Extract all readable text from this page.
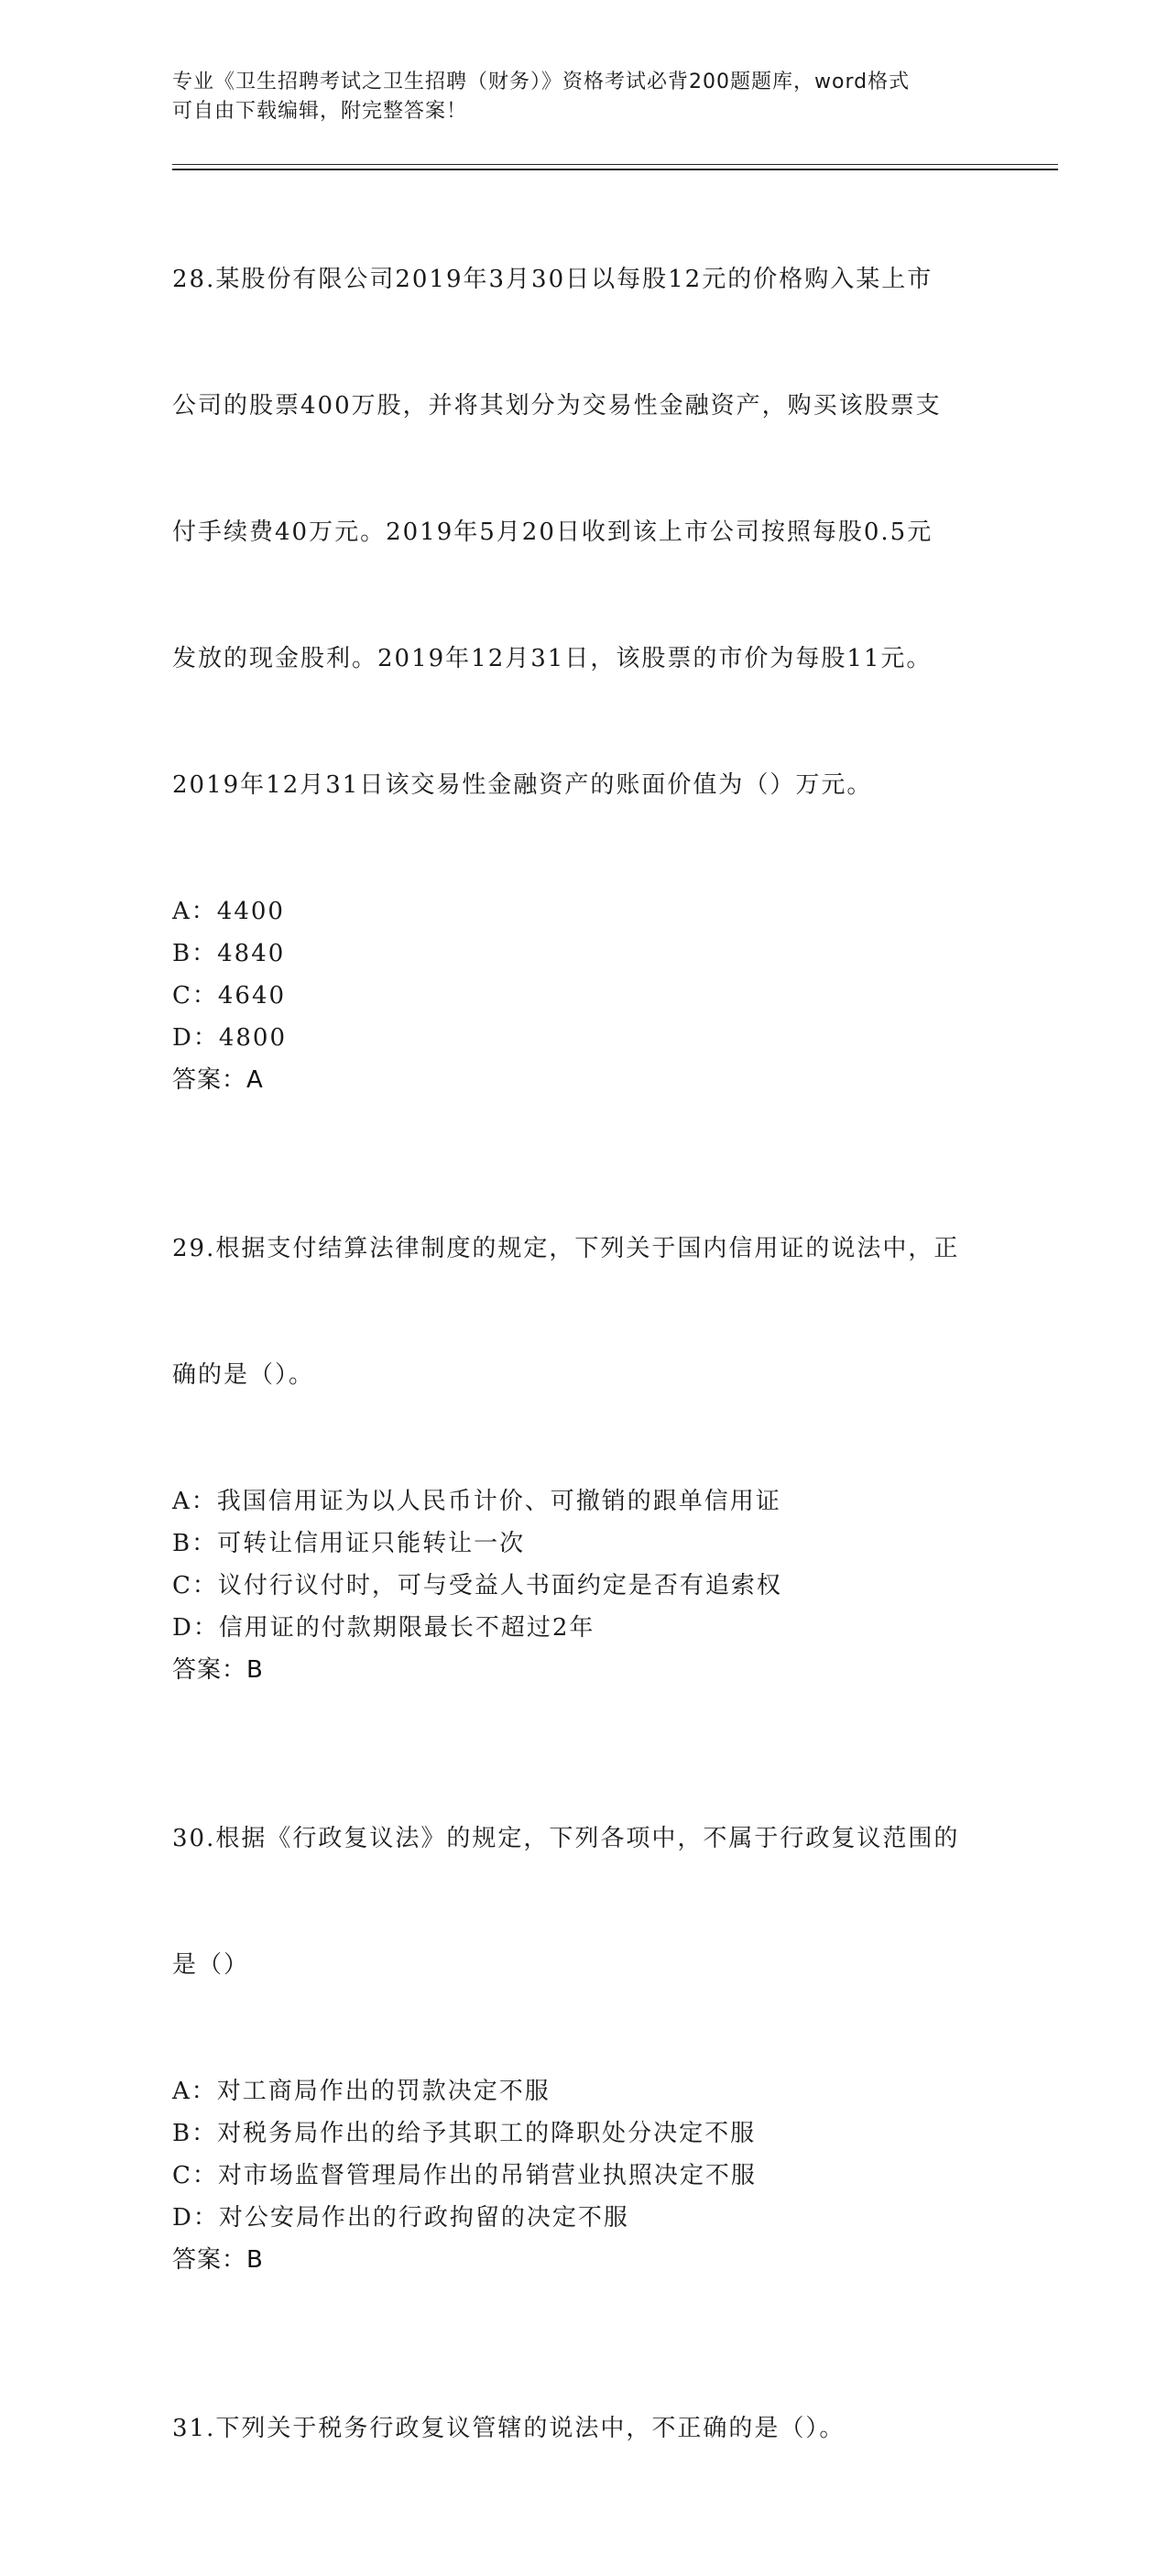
专业《卫生招聘考试之卫生招聘（财务）》资格考试必背200题题库，word格式
可自由下载编辑，附完整答案！

28.某股份有限公司2019年3月30日以每股12元的价格购入某上市

公司的股票400万股，并将其划分为交易性金融资产，购买该股票支

付手续费40万元。2019年5月20日收到该上市公司按照每股0.5元

发放的现金股利。2019年12月31日，该股票的市价为每股11元。

2019年12月31日该交易性金融资产的账面价值为（）万元。

A：4400
B：4840
C：4640
D：4800
答案：A

29.根据支付结算法律制度的规定，下列关于国内信用证的说法中，正

确的是（）。

A：我国信用证为以人民币计价、可撤销的跟单信用证
B：可转让信用证只能转让一次
C：议付行议付时，可与受益人书面约定是否有追索权
D：信用证的付款期限最长不超过2年
答案：B

30.根据《行政复议法》的规定，下列各项中，不属于行政复议范围的

是（）

A：对工商局作出的罚款决定不服
B：对税务局作出的给予其职工的降职处分决定不服
C：对市场监督管理局作出的吊销营业执照决定不服
D：对公安局作出的行政拘留的决定不服
答案：B

31.下列关于税务行政复议管辖的说法中，不正确的是（）。
